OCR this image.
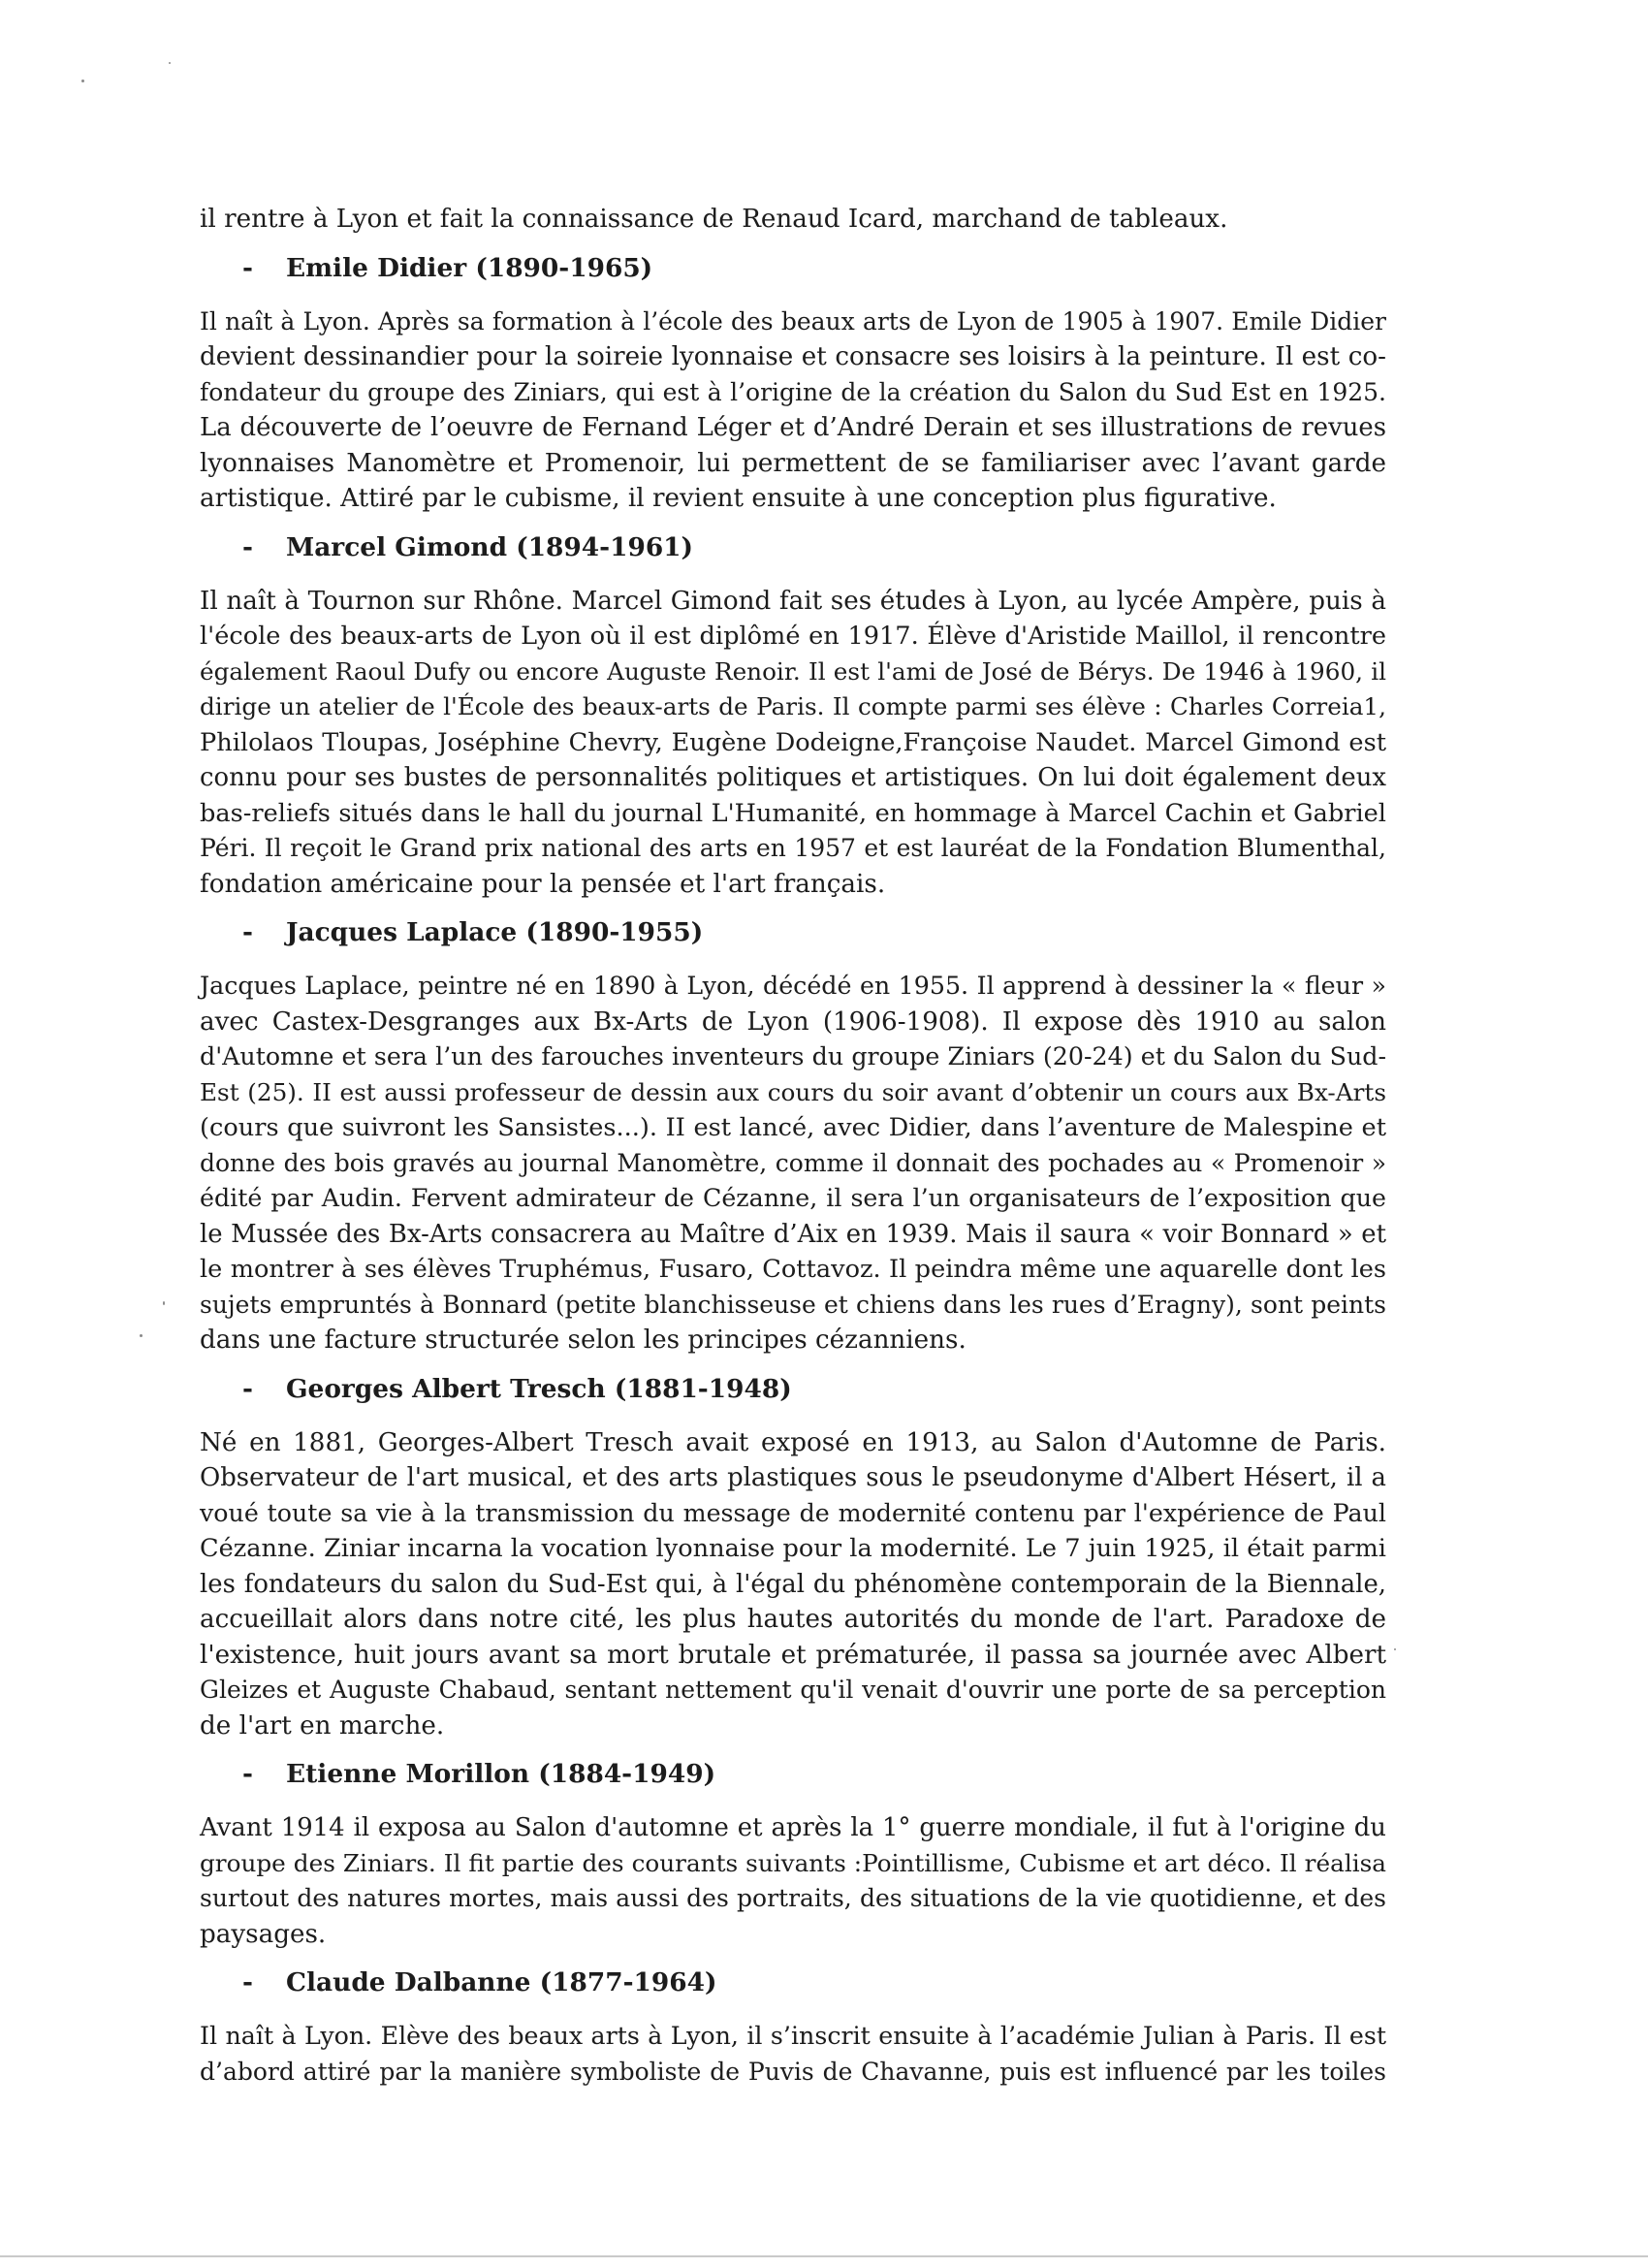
il rentre à Lyon et fait la connaissance de Renaud Icard, marchand de tableaux.

-	Emile Didier (1890-1965)
Il naît à Lyon. Après sa formation à l’école des beaux arts de Lyon de 1905 à 1907. Emile Didier
devient dessinandier pour la soireie lyonnaise et consacre ses loisirs à la peinture. Il est co-
fondateur du groupe des Ziniars, qui est à l’origine de la création du Salon du Sud Est en 1925.
La découverte de l’oeuvre de Fernand Léger et d’André Derain et ses illustrations de revues
lyonnaises Manomètre et Promenoir, lui permettent de se familiariser avec l’avant garde
artistique. Attiré par le cubisme, il revient ensuite à une conception plus figurative.
-	Marcel Gimond (1894-1961)
Il naît à Tournon sur Rhône. Marcel Gimond fait ses études à Lyon, au lycée Ampère, puis à
l'école des beaux-arts de Lyon où il est diplômé en 1917. Élève d'Aristide Maillol, il rencontre
également Raoul Dufy ou encore Auguste Renoir. Il est l'ami de José de Bérys. De 1946 à 1960, il
dirige un atelier de l'École des beaux-arts de Paris. Il compte parmi ses élève : Charles Correia1,
Philolaos Tloupas, Joséphine Chevry, Eugène Dodeigne,Françoise Naudet. Marcel Gimond est
connu pour ses bustes de personnalités politiques et artistiques. On lui doit également deux
bas-reliefs situés dans le hall du journal L'Humanité, en hommage à Marcel Cachin et Gabriel
Péri. Il reçoit le Grand prix national des arts en 1957 et est lauréat de la Fondation Blumenthal,
fondation américaine pour la pensée et l'art français.
-	Jacques Laplace (1890-1955)
Jacques Laplace, peintre né en 1890 à Lyon, décédé en 1955. Il apprend à dessiner la « fleur »
avec Castex-Desgranges aux Bx-Arts de Lyon (1906-1908). Il expose dès 1910 au salon
d'Automne et sera l’un des farouches inventeurs du groupe Ziniars (20-24) et du Salon du Sud-
Est (25). II est aussi professeur de dessin aux cours du soir avant d’obtenir un cours aux Bx-Arts
(cours que suivront les Sansistes...). II est lancé, avec Didier, dans l’aventure de Malespine et
donne des bois gravés au journal Manomètre, comme il donnait des pochades au « Promenoir »
édité par Audin. Fervent admirateur de Cézanne, il sera l’un organisateurs de l’exposition que
le Mussée des Bx-Arts consacrera au Maître d’Aix en 1939. Mais il saura « voir Bonnard » et
le montrer à ses élèves Truphémus, Fusaro, Cottavoz. Il peindra même une aquarelle dont les
sujets empruntés à Bonnard (petite blanchisseuse et chiens dans les rues d’Eragny), sont peints
dans une facture structurée selon les principes cézanniens.
-	Georges Albert Tresch (1881-1948)
Né en 1881, Georges-Albert Tresch avait exposé en 1913, au Salon d'Automne de Paris.
Observateur de l'art musical, et des arts plastiques sous le pseudonyme d'Albert Hésert, il a
voué toute sa vie à la transmission du message de modernité contenu par l'expérience de Paul
Cézanne. Ziniar incarna la vocation lyonnaise pour la modernité. Le 7 juin 1925, il était parmi
les fondateurs du salon du Sud-Est qui, à l'égal du phénomène contemporain de la Biennale,
accueillait alors dans notre cité, les plus hautes autorités du monde de l'art. Paradoxe de
l'existence, huit jours avant sa mort brutale et prématurée, il passa sa journée avec Albert
Gleizes et Auguste Chabaud, sentant nettement qu'il venait d'ouvrir une porte de sa perception
de l'art en marche.
-	Etienne Morillon (1884-1949)
Avant 1914 il exposa au Salon d'automne et après la 1° guerre mondiale, il fut à l'origine du
groupe des Ziniars. Il fit partie des courants suivants :Pointillisme, Cubisme et art déco. Il réalisa
surtout des natures mortes, mais aussi des portraits, des situations de la vie quotidienne, et des
paysages.
-	Claude Dalbanne (1877-1964)
Il naît à Lyon. Elève des beaux arts à Lyon, il s’inscrit ensuite à l’académie Julian à Paris. Il est
d’abord attiré par la manière symboliste de Puvis de Chavanne, puis est influencé par les toiles
